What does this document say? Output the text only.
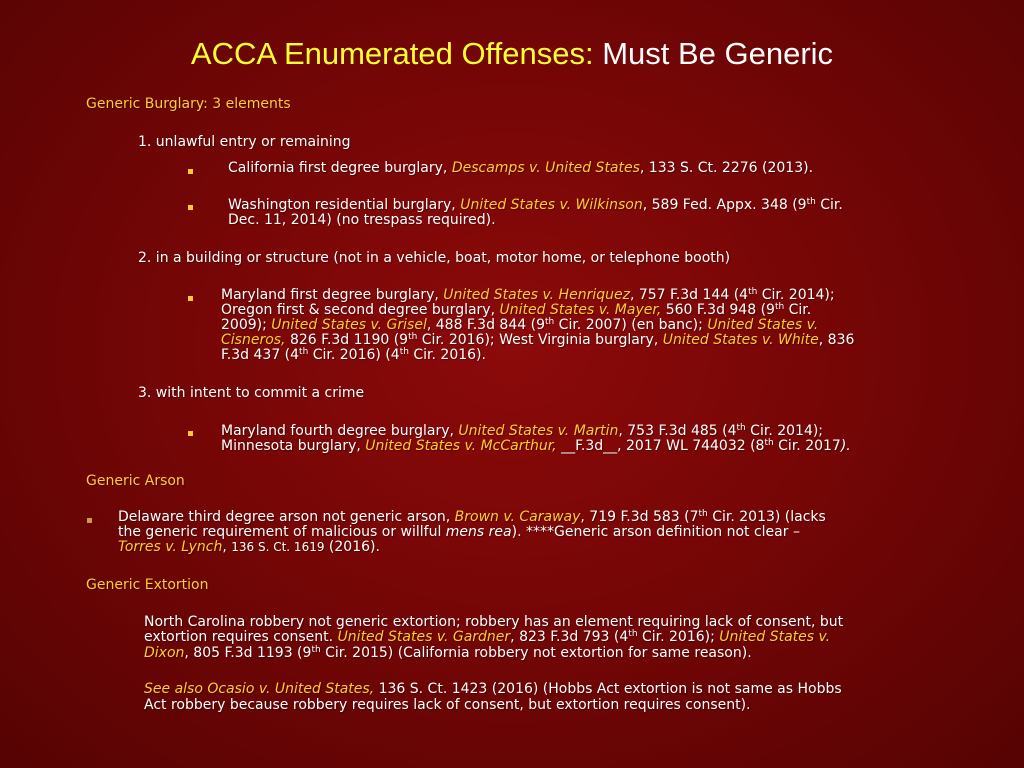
ACCA Enumerated Offenses: Must Be Generic
Generic Burglary: 3 elements
1. unlawful entry or remaining
California first degree burglary, Descamps v. United States, 133 S. Ct. 2276 (2013).
Washington residential burglary, United States v. Wilkinson, 589 Fed. Appx. 348 (9th Cir.
Dec. 11, 2014) (no trespass required).
2. in a building or structure (not in a vehicle, boat, motor home, or telephone booth)
Maryland first degree burglary, United States v. Henriquez, 757 F.3d 144 (4th Cir. 2014);
Oregon first & second degree burglary, United States v. Mayer, 560 F.3d 948 (9th Cir.
2009); United States v. Grisel, 488 F.3d 844 (9th Cir. 2007) (en banc); United States v.
Cisneros, 826 F.3d 1190 (9th Cir. 2016); West Virginia burglary, United States v. White, 836
F.3d 437 (4th Cir. 2016) (4th Cir. 2016).
3. with intent to commit a crime
Maryland fourth degree burglary, United States v. Martin, 753 F.3d 485 (4th Cir. 2014);
Minnesota burglary, United States v. McCarthur, __F.3d__, 2017 WL 744032 (8th Cir. 2017).
Generic Arson
Delaware third degree arson not generic arson, Brown v. Caraway, 719 F.3d 583 (7th Cir. 2013) (lacks
the generic requirement of malicious or willful mens rea). ****Generic arson definition not clear –
Torres v. Lynch, 136 S. Ct. 1619 (2016).
Generic Extortion
North Carolina robbery not generic extortion; robbery has an element requiring lack of consent, but
extortion requires consent. United States v. Gardner, 823 F.3d 793 (4th Cir. 2016); United States v.
Dixon, 805 F.3d 1193 (9th Cir. 2015) (California robbery not extortion for same reason).
See also Ocasio v. United States, 136 S. Ct. 1423 (2016) (Hobbs Act extortion is not same as Hobbs
Act robbery because robbery requires lack of consent, but extortion requires consent).
